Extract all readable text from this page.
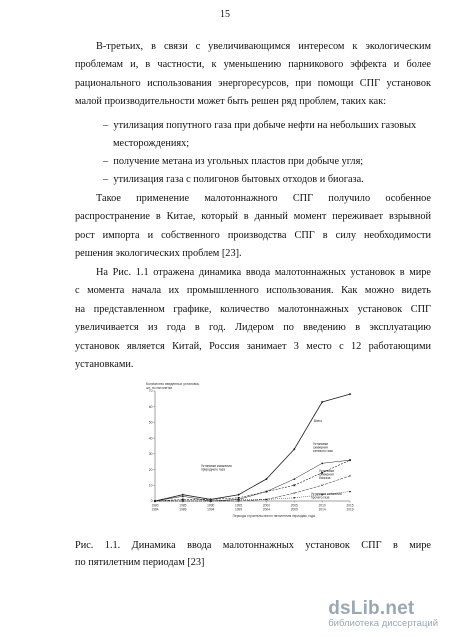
15
В-третьих, в связи с увеличивающимся интересом к экологическим
проблемам и, в частности, к уменьшению парникового эффекта и более
рационального использования энергоресурсов, при помощи СПГ установок
малой производительности может быть решен ряд проблем, таких как:
– утилизация попутного газа при добыче нефти на небольших газовых
месторождениях;
– получение метана из угольных пластов при добыче угля;
– утилизация газа с полигонов бытовых отходов и биогаза.
Такое применение малотоннажного СПГ получило особенное
распространение в Китае, который в данный момент переживает взрывной
рост импорта и собственного производства СПГ в силу необходимости
решения экологических проблем [23].
На Рис. 1.1 отражена динамика ввода малотоннажных установок в мире
с момента начала их промышленного использования. Как можно видеть
на представленном графике, количество малотоннажных установок СПГ
увеличивается из года в год. Лидером по введению в эксплуатацию
установок является Китай, Россия занимает 3 место с 12 работающими
установками.
Количество введенных установок, шт. по пятилетке
0
10
20
30
40
50
60
70
1980
1984
1985
1989
1990
1994
1995
1999
2000
2004
2005
2009
2010
2014
2015
2019
Всего
Установки сжижения сетевого газа
Установки сжижения природного газа	Установки сжижения биогаза
Установки сжижения прочего газа
Периоды строительства по пятилетним периодам, годы
Рис. 1.1. Динамика ввода малотоннажных установок СПГ в мире
по пятилетним периодам [23]
dsLib.net
библиотека диссертаций
